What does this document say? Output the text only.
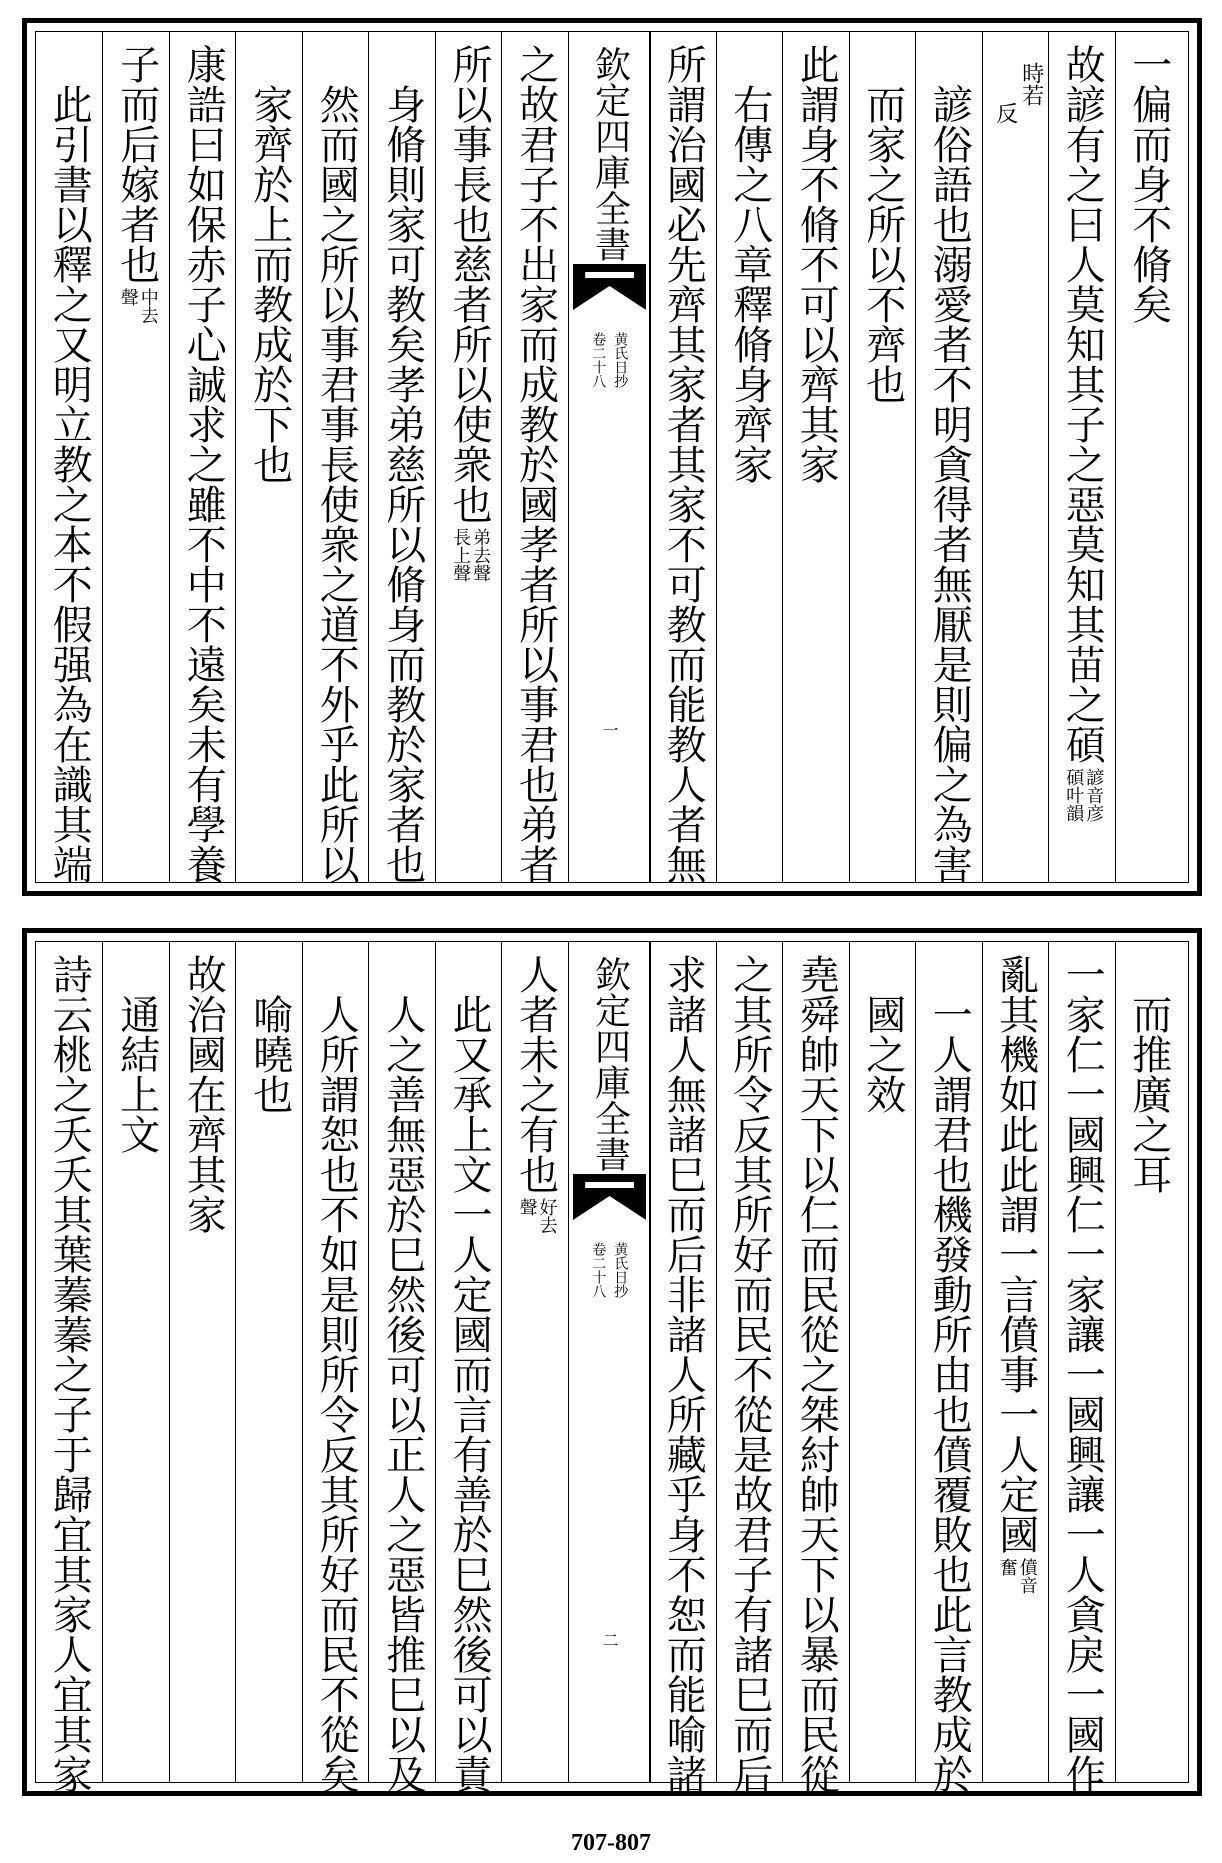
一偏而身不脩矣
故諺有之曰人莫知其子之惡莫知其苗之碩
諺音彦
碩叶韻
時若
反
諺俗語也溺愛者不明貪得者無厭是則偏之為害
而家之所以不齊也
此謂身不脩不可以齊其家
右傳之八章釋脩身齊家
所謂治國必先齊其家者其家不可教而能教人者無
欽定四庫全書
黄氏日抄
卷二十八
一
之故君子不出家而成教於國孝者所以事君也弟者
所以事長也慈者所以使衆也
弟去聲
長上聲
身脩則家可教矣孝弟慈所以脩身而教於家者也
然而國之所以事君事長使衆之道不外乎此所以
家齊於上而教成於下也
康誥曰如保赤子心誠求之雖不中不遠矣未有學養
子而后嫁者也
中去
聲
此引書以釋之又明立教之本不假强為在識其端
而推廣之耳
一家仁一國興仁一家讓一國興讓一人貪戾一國作
亂其機如此此謂一言僨事一人定國
僨音
奮
一人謂君也機發動所由也僨覆敗也此言教成於
國之效
堯舜帥天下以仁而民從之桀紂帥天下以暴而民從
之其所令反其所好而民不從是故君子有諸巳而后
求諸人無諸巳而后非諸人所藏乎身不恕而能喻諸
欽定四庫全書
黄氏日抄
卷二十八
二
人者未之有也
好去
聲
此又承上文一人定國而言有善於巳然後可以責
人之善無惡於巳然後可以正人之惡皆推巳以及
人所謂恕也不如是則所令反其所好而民不從矣
喻曉也
故治國在齊其家
通結上文
詩云桃之夭夭其葉蓁蓁之子于歸宜其家人宜其家
707-807
